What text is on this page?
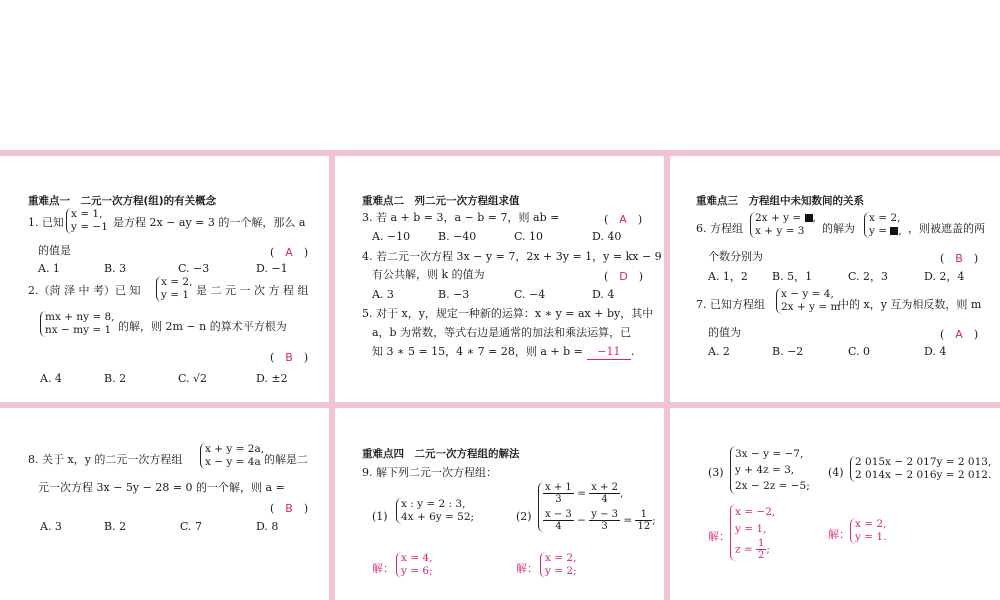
重难点一　二元一次方程(组)的有关概念
1. 已知
x = 1,
y = −1 是方程 2x − ay = 3 的一个解，那么 a
的值是	(　A　)
A. 1	B. 3	C. −3	D. −1
2.（菏 泽 中 考）已 知
x = 2,
y = 1 是 二 元 一 次 方 程 组
mx + ny = 8,
nx − my = 1 的解，则 2m − n 的算术平方根为
(　B　)
A. 4	B. 2	C. √2	D. ±2
重难点二　列二元一次方程组求值
3. 若 a + b = 3，a − b = 7，则 ab =	(　A　)
A. −10	B. −40	C. 10	D. 40
4. 若二元一次方程 3x − y = 7，2x + 3y = 1，y = kx − 9
有公共解，则 k 的值为	(　D　)
A. 3	B. −3	C. −4	D. 4
5. 对于 x，y，规定一种新的运算：x ∗ y = ax + by，其中
a，b 为常数，等式右边是通常的加法和乘法运算，已
知 3 ∗ 5 = 15，4 ∗ 7 = 28，则 a + b = −11 .
重难点三　方程组中未知数间的关系
6. 方程组
2x + y = ,
x + y = 3	的解为
x = 2,
y = , ，则被遮盖的两
个数分别为	(　B　)
A. 1，2 B. 5，1	C. 2，3	D. 2，4
7. 已知方程组
x − y = 4,
2x + y = m
中的 x，y 互为相反数，则 m
的值为	(　A　)
A. 2	B. −2	C. 0	D. 4
8. 关于 x，y 的二元一次方程组
x + y = 2a,
x − y = 4a 的解是二
元一次方程 3x − 5y − 28 = 0 的一个解，则 a =
(　B　)
A. 3	B. 2	C. 7	D. 8
重难点四　二元一次方程组的解法
9. 解下列二元一次方程组：
(1)
x : y = 2 : 3,
4x + 6y = 52;
解：
x = 4,
y = 6;
(2)
$\frac{x + 1}{3} = \frac{x + 2}{4}$ ,
$\frac{x - 3}{4} - \frac{y - 3}{3} = \frac{1}{12}$ ;
解：
x = 2,
y = 2;
(3)
3x − y = −7,
y + 4z = 3,
2x − 2z = −5;
解：
x = −2,
y = 1,
$z = \frac{1}{2}$ ;
(4)
2 015x − 2 017y = 2 013,
2 014x − 2 016y = 2 012.
解：
x = 2,
y = 1.
